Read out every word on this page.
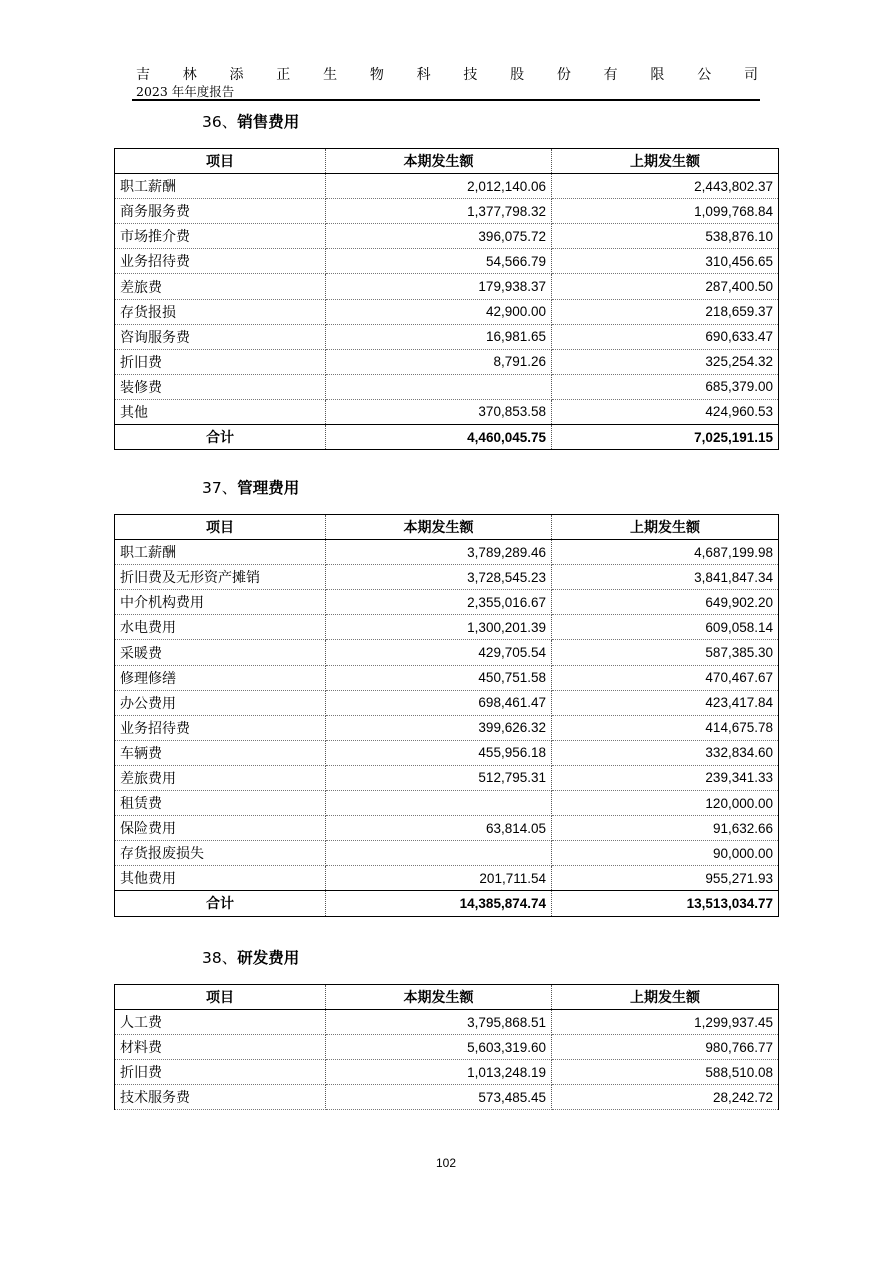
吉 林 添 正 生 物 科 技 股 份 有 限 公 司
2023 年年度报告
36、销售费用
项目	本期发生额	上期发生额
职工薪酬	2,012,140.06	2,443,802.37
商务服务费	1,377,798.32	1,099,768.84
市场推介费	396,075.72	538,876.10
业务招待费	54,566.79	310,456.65
差旅费	179,938.37	287,400.50
存货报损	42,900.00	218,659.37
咨询服务费	16,981.65	690,633.47
折旧费	8,791.26	325,254.32
装修费		685,379.00
其他	370,853.58	424,960.53
合计	4,460,045.75	7,025,191.15
37、管理费用
项目	本期发生额	上期发生额
职工薪酬	3,789,289.46	4,687,199.98
折旧费及无形资产摊销	3,728,545.23	3,841,847.34
中介机构费用	2,355,016.67	649,902.20
水电费用	1,300,201.39	609,058.14
采暖费	429,705.54	587,385.30
修理修缮	450,751.58	470,467.67
办公费用	698,461.47	423,417.84
业务招待费	399,626.32	414,675.78
车辆费	455,956.18	332,834.60
差旅费用	512,795.31	239,341.33
租赁费		120,000.00
保险费用	63,814.05	91,632.66
存货报废损失		90,000.00
其他费用	201,711.54	955,271.93
合计	14,385,874.74	13,513,034.77
38、研发费用
项目	本期发生额	上期发生额
人工费	3,795,868.51	1,299,937.45
材料费	5,603,319.60	980,766.77
折旧费	1,013,248.19	588,510.08
技术服务费	573,485.45	28,242.72
102
